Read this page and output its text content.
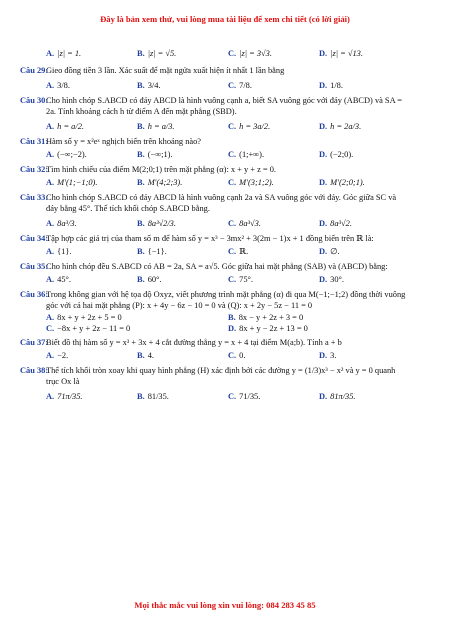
Đây là bản xem thử, vui lòng mua tài liệu để xem chi tiết (có lời giải)
A. |z| = 1.	B. |z| = √5.	C. |z| = 3√3.	D. |z| = √13.
Câu 29:
Gieo đồng tiền 3 lần. Xác suất để mặt ngửa xuất hiện ít nhất 1 lần bằng
A. 3/8.	B. 3/4.	C. 7/8.	D. 1/8.
Câu 30:
Cho hình chóp S.ABCD có đáy ABCD là hình vuông cạnh a, biết SA vuông góc với đáy (ABCD) và SA = 2a. Tính khoảng cách h từ điểm A đến mặt phẳng (SBD).
A. h = a/2.	B. h = a/3.	C. h = 3a/2.	D. h = 2a/3.
Câu 31:
Hàm số y = x²eˣ nghịch biến trên khoảng nào?
A. (−∞;−2).	B. (−∞;1).	C. (1;+∞).	D. (−2;0).
Câu 32:
Tìm hình chiếu của điểm M(2;0;1) trên mặt phẳng (α): x + y + z = 0.
A. M′(1;−1;0).	B. M′(4;2;3).	C. M′(3;1;2).	D. M′(2;0;1).
Câu 33:
Cho hình chóp S.ABCD có đáy ABCD là hình vuông cạnh 2a và SA vuông góc với đáy. Góc giữa SC và đáy bằng 45°. Thể tích khối chóp S.ABCD bằng.
A. 8a³/3.	B. 8a³√2/3.	C. 8a³√3.	D. 8a³√2.
Câu 34:
Tập hợp các giá trị của tham số m để hàm số y = x³ − 3mx² + 3(2m − 1)x + 1 đồng biến trên ℝ là:
A. {1}.	B. {−1}.	C. ℝ.	D. ∅.
Câu 35:
Cho hình chóp đều S.ABCD có AB = 2a, SA = a√5. Góc giữa hai mặt phẳng (SAB) và (ABCD) bằng:
A. 45°.	B. 60°.	C. 75°.	D. 30°.
Câu 36:
Trong không gian với hệ tọa độ Oxyz, viết phương trình mặt phẳng (α) đi qua M(−1;−1;2) đồng thời vuông góc với cả hai mặt phẳng (P): x + 4y − 6z − 10 = 0 và (Q): x + 2y − 5z − 11 = 0
A. 8x + y + 2z + 5 = 0	B. 8x − y + 2z + 3 = 0
C. −8x + y + 2z − 11 = 0	D. 8x + y − 2z + 13 = 0
Câu 37:
Biết đồ thị hàm số y = x³ + 3x + 4 cắt đường thẳng y = x + 4 tại điểm M(a;b). Tính a + b
A. −2.	B. 4.	C. 0.	D. 3.
Câu 38:
Thể tích khối tròn xoay khi quay hình phẳng (H) xác định bởi các đường y = (1/3)x³ − x² và y = 0 quanh trục Ox là
A. 71π/35.	B. 81/35.	C. 71/35.	D. 81π/35.
Mọi thắc mắc vui lòng xin vui lòng: 084 283 45 85
